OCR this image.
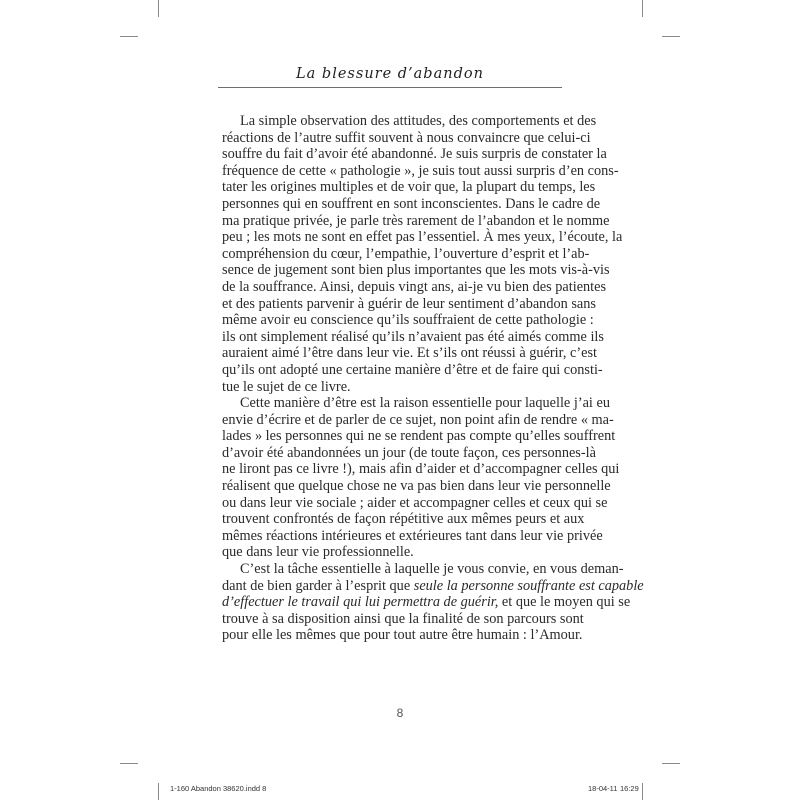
La blessure d’abandon
La simple observation des attitudes, des comportements et des
réactions de l’autre suffit souvent à nous convaincre que celui-ci
souffre du fait d’avoir été abandonné. Je suis surpris de constater la
fréquence de cette « pathologie », je suis tout aussi surpris d’en cons-
tater les origines multiples et de voir que, la plupart du temps, les
personnes qui en souffrent en sont inconscientes. Dans le cadre de
ma pratique privée, je parle très rarement de l’abandon et le nomme
peu ; les mots ne sont en effet pas l’essentiel. À mes yeux, l’écoute, la
compréhension du cœur, l’empathie, l’ouverture d’esprit et l’ab-
sence de jugement sont bien plus importantes que les mots vis-à-vis
de la souffrance. Ainsi, depuis vingt ans, ai-je vu bien des patientes
et des patients parvenir à guérir de leur sentiment d’abandon sans
même avoir eu conscience qu’ils souffraient de cette pathologie :
ils ont simplement réalisé qu’ils n’avaient pas été aimés comme ils
auraient aimé l’être dans leur vie. Et s’ils ont réussi à guérir, c’est
qu’ils ont adopté une certaine manière d’être et de faire qui consti-
tue le sujet de ce livre.
Cette manière d’être est la raison essentielle pour laquelle j’ai eu
envie d’écrire et de parler de ce sujet, non point afin de rendre « ma-
lades » les personnes qui ne se rendent pas compte qu’elles souffrent
d’avoir été abandonnées un jour (de toute façon, ces personnes-là
ne liront pas ce livre !), mais afin d’aider et d’accompagner celles qui
réalisent que quelque chose ne va pas bien dans leur vie personnelle
ou dans leur vie sociale ; aider et accompagner celles et ceux qui se
trouvent confrontés de façon répétitive aux mêmes peurs et aux
mêmes réactions intérieures et extérieures tant dans leur vie privée
que dans leur vie professionnelle.
C’est la tâche essentielle à laquelle je vous convie, en vous deman-
dant de bien garder à l’esprit que seule la personne souffrante est capable
d’effectuer le travail qui lui permettra de guérir, et que le moyen qui se
trouve à sa disposition ainsi que la finalité de son parcours sont
pour elle les mêmes que pour tout autre être humain : l’Amour.
8
1-160 Abandon 38620.indd 8	18-04-11 16:29
